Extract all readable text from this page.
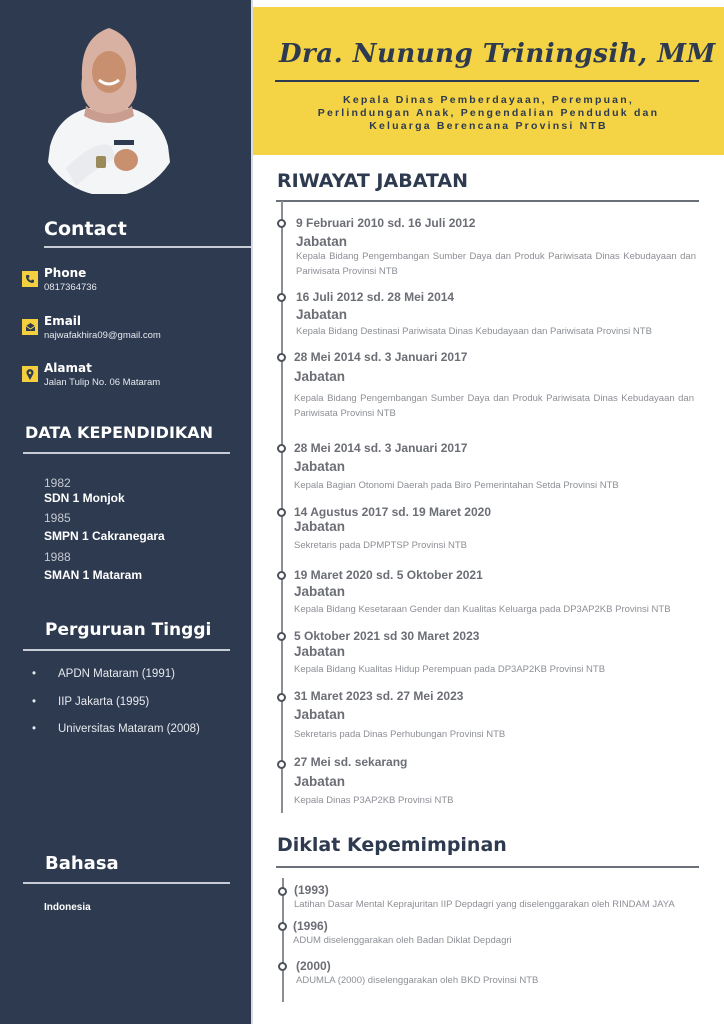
Contact
Phone
0817364736
Email
najwafakhira09@gmail.com
Alamat
Jalan Tulip No. 06 Mataram
DATA KEPENDIDIKAN
1982
SDN 1 Monjok
1985
SMPN 1 Cakranegara
1988
SMAN 1 Mataram
Perguruan Tinggi
• APDN Mataram (1991)
• IIP Jakarta (1995)
• Universitas Mataram (2008)
Bahasa
Indonesia
Dra. Nunung Triningsih, MM
Kepala Dinas Pemberdayaan, Perempuan,
Perlindungan Anak, Pengendalian Penduduk dan
Keluarga Berencana Provinsi NTB
RIWAYAT JABATAN
9 Februari 2010 sd. 16 Juli 2012
Jabatan
Kepala Bidang Pengembangan Sumber Daya dan Produk Pariwisata Dinas Kebudayaan dan Pariwisata Provinsi NTB
16 Juli 2012 sd. 28 Mei 2014
Jabatan
Kepala Bidang Destinasi Pariwisata Dinas Kebudayaan dan Pariwisata Provinsi NTB
28 Mei 2014 sd. 3 Januari 2017
Jabatan
Kepala Bidang Pengembangan Sumber Daya dan Produk Pariwisata Dinas Kebudayaan dan Pariwisata Provinsi NTB
28 Mei 2014 sd. 3 Januari 2017
Jabatan
Kepala Bagian Otonomi Daerah pada Biro Pemerintahan Setda Provinsi NTB
14 Agustus 2017 sd. 19 Maret 2020
Jabatan
Sekretaris pada DPMPTSP Provinsi NTB
19 Maret 2020 sd. 5 Oktober 2021
Jabatan
Kepala Bidang Kesetaraan Gender dan Kualitas Keluarga pada DP3AP2KB Provinsi NTB
5 Oktober 2021 sd 30 Maret 2023
Jabatan
Kepala Bidang Kualitas Hidup Perempuan pada DP3AP2KB Provinsi NTB
31 Maret 2023 sd. 27 Mei 2023
Jabatan
Sekretaris pada Dinas Perhubungan Provinsi NTB
27 Mei sd. sekarang
Jabatan
Kepala Dinas P3AP2KB Provinsi NTB
Diklat Kepemimpinan
(1993)
Latihan Dasar Mental Keprajuritan IIP Depdagri yang diselenggarakan oleh RINDAM JAYA
(1996)
ADUM diselenggarakan oleh Badan Diklat Depdagri
(2000)
ADUMLA (2000) diselenggarakan oleh BKD Provinsi NTB
